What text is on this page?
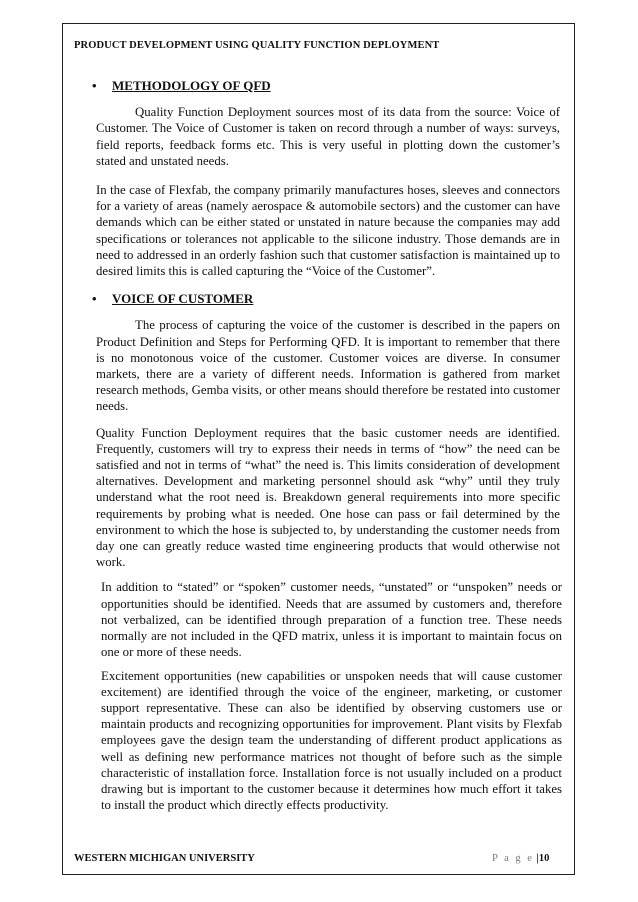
PRODUCT DEVELOPMENT USING QUALITY FUNCTION DEPLOYMENT
•	METHODOLOGY OF QFD

Quality Function Deployment sources most of its data from the source: Voice of Customer. The Voice of Customer is taken on record through a number of ways: surveys, field reports, feedback forms etc. This is very useful in plotting down the customer’s stated and unstated needs.

In the case of Flexfab, the company primarily manufactures hoses, sleeves and connectors for a variety of areas (namely aerospace & automobile sectors) and the customer can have demands which can be either stated or unstated in nature because the companies may add specifications or tolerances not applicable to the silicone industry. Those demands are in need to addressed in an orderly fashion such that customer satisfaction is maintained up to desired limits this is called capturing the “Voice of the Customer”.

•	VOICE OF CUSTOMER

The process of capturing the voice of the customer is described in the papers on Product Definition and Steps for Performing QFD. It is important to remember that there is no monotonous voice of the customer. Customer voices are diverse. In consumer markets, there are a variety of different needs. Information is gathered from market research methods, Gemba visits, or other means should therefore be restated into customer needs.

Quality Function Deployment requires that the basic customer needs are identified. Frequently, customers will try to express their needs in terms of “how” the need can be satisfied and not in terms of “what” the need is. This limits consideration of development alternatives. Development and marketing personnel should ask “why” until they truly understand what the root need is. Breakdown general requirements into more specific requirements by probing what is needed. One hose can pass or fail determined by the environment to which the hose is subjected to, by understanding the customer needs from day one can greatly reduce wasted time engineering products that would otherwise not work.

In addition to “stated” or “spoken” customer needs, “unstated” or “unspoken” needs or opportunities should be identified. Needs that are assumed by customers and, therefore not verbalized, can be identified through preparation of a function tree. These needs normally are not included in the QFD matrix, unless it is important to maintain focus on one or more of these needs.

Excitement opportunities (new capabilities or unspoken needs that will cause customer excitement) are identified through the voice of the engineer, marketing, or customer support representative. These can also be identified by observing customers use or maintain products and recognizing opportunities for improvement. Plant visits by Flexfab employees gave the design team the understanding of different product applications as well as defining new performance matrices not thought of before such as the simple characteristic of installation force. Installation force is not usually included on a product drawing but is important to the customer because it determines how much effort it takes to install the product which directly effects productivity.

WESTERN MICHIGAN UNIVERSITY	P a g e |10
